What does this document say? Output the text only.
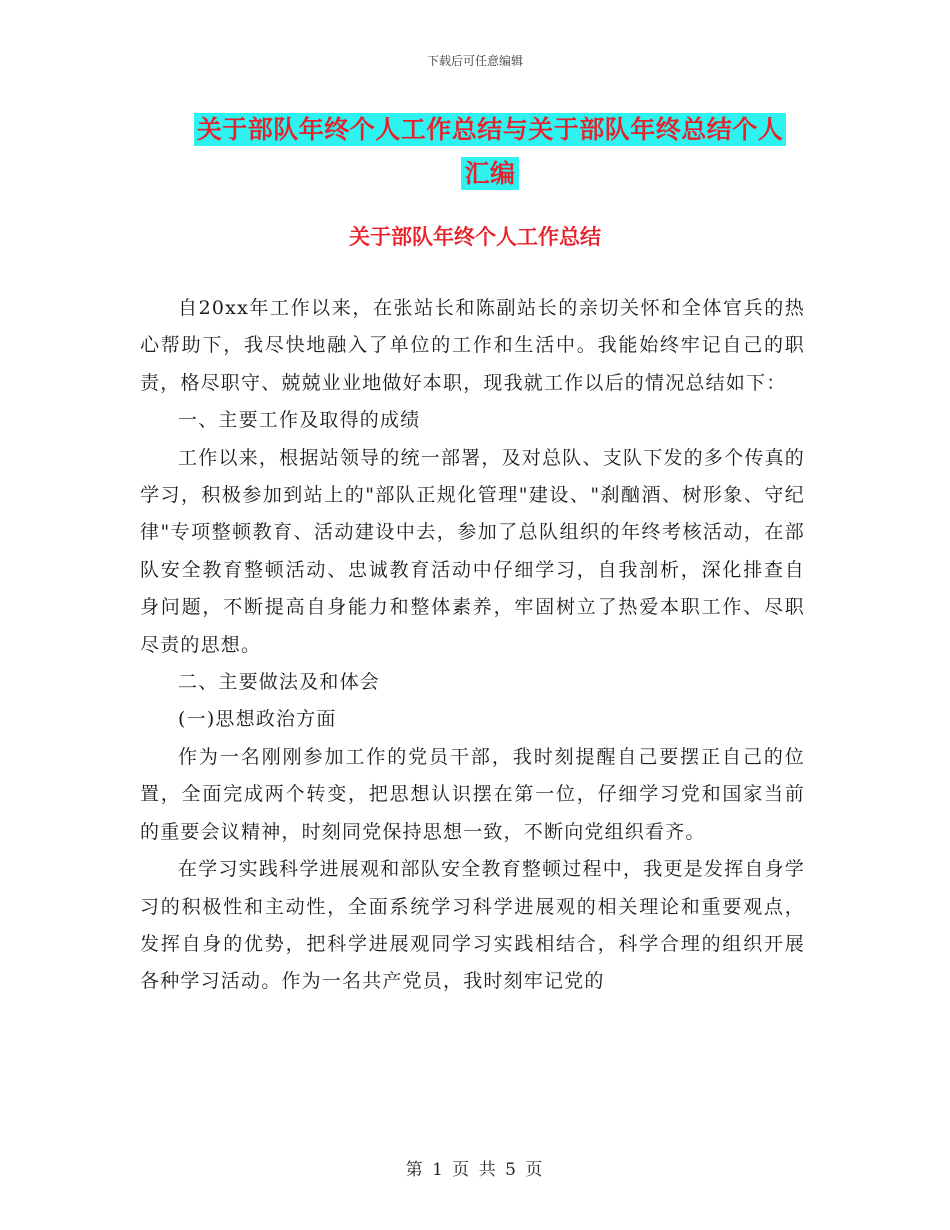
下载后可任意编辑
关于部队年终个人工作总结与关于部队年终总结个人
汇编
关于部队年终个人工作总结

自20xx年工作以来，在张站长和陈副站长的亲切关怀和全体官兵的热心帮助下，我尽快地融入了单位的工作和生活中。我能始终牢记自己的职责，格尽职守、兢兢业业地做好本职，现我就工作以后的情况总结如下：

一、主要工作及取得的成绩

工作以来，根据站领导的统一部署，及对总队、支队下发的多个传真的学习，积极参加到站上的"部队正规化管理"建设、"刹酗酒、树形象、守纪律"专项整顿教育、活动建设中去，参加了总队组织的年终考核活动，在部队安全教育整顿活动、忠诚教育活动中仔细学习，自我剖析，深化排查自身问题，不断提高自身能力和整体素养，牢固树立了热爱本职工作、尽职尽责的思想。

二、主要做法及和体会

(一)思想政治方面

作为一名刚刚参加工作的党员干部，我时刻提醒自己要摆正自己的位置，全面完成两个转变，把思想认识摆在第一位，仔细学习党和国家当前的重要会议精神，时刻同党保持思想一致，不断向党组织看齐。

在学习实践科学进展观和部队安全教育整顿过程中，我更是发挥自身学习的积极性和主动性，全面系统学习科学进展观的相关理论和重要观点，发挥自身的优势，把科学进展观同学习实践相结合，科学合理的组织开展各种学习活动。作为一名共产党员，我时刻牢记党的

第 1 页 共 5 页
